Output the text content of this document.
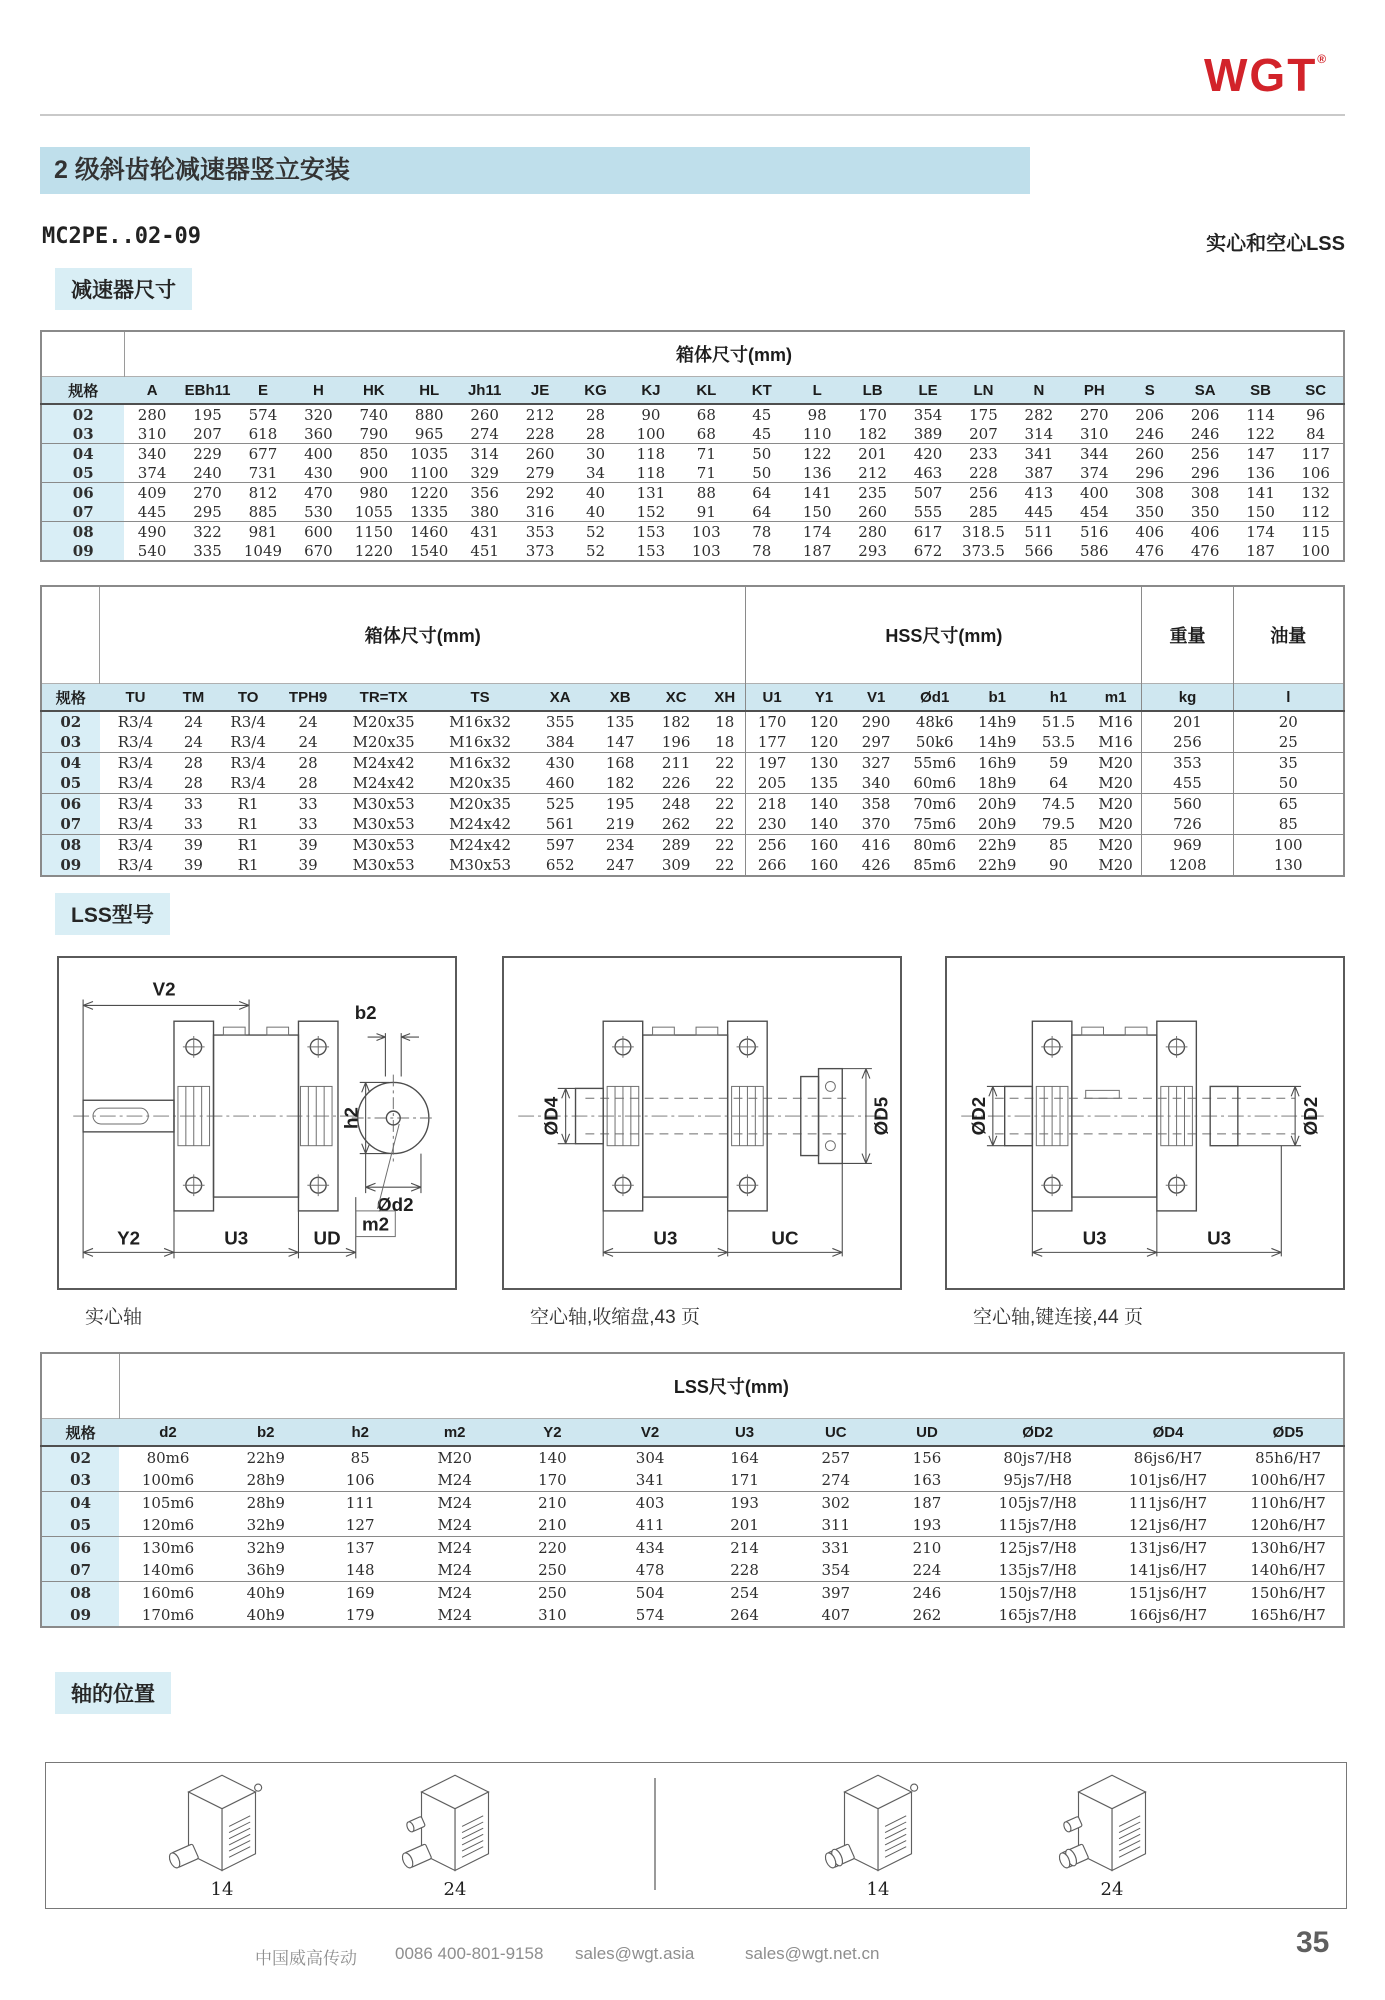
WGT®
2 级斜齿轮减速器竖立安装
MC2PE..02-09	实心和空心LSS
减速器尺寸
	箱体尺寸(mm)																					
规格	A	EBh11	E	H	HK	HL	Jh11	JE	KG	KJ	KL	KT	L	LB	LE	LN	N	PH	S	SA	SB	SC
02	280	195	574	320	740	880	260	212	28	90	68	45	98	170	354	175	282	270	206	206	114	96
03	310	207	618	360	790	965	274	228	28	100	68	45	110	182	389	207	314	310	246	246	122	84
04	340	229	677	400	850	1035	314	260	30	118	71	50	122	201	420	233	341	344	260	256	147	117
05	374	240	731	430	900	1100	329	279	34	118	71	50	136	212	463	228	387	374	296	296	136	106
06	409	270	812	470	980	1220	356	292	40	131	88	64	141	235	507	256	413	400	308	308	141	132
07	445	295	885	530	1055	1335	380	316	40	152	91	64	150	260	555	285	445	454	350	350	150	112
08	490	322	981	600	1150	1460	431	353	52	153	103	78	174	280	617	318.5	511	516	406	406	174	115
09	540	335	1049	670	1220	1540	451	373	52	153	103	78	187	293	672	373.5	566	586	476	476	187	100
	箱体尺寸(mm)										HSS尺寸(mm)							重量	油量
规格	TU	TM	TO	TPH9	TR=TX	TS	XA	XB	XC	XH	U1	Y1	V1	Ød1	b1	h1	m1	kg	l
02	R3/4	24	R3/4	24	M20x35	M16x32	355	135	182	18	170	120	290	48k6	14h9	51.5	M16	201	20
03	R3/4	24	R3/4	24	M20x35	M16x32	384	147	196	18	177	120	297	50k6	14h9	53.5	M16	256	25
04	R3/4	28	R3/4	28	M24x42	M16x32	430	168	211	22	197	130	327	55m6	16h9	59	M20	353	35
05	R3/4	28	R3/4	28	M24x42	M20x35	460	182	226	22	205	135	340	60m6	18h9	64	M20	455	50
06	R3/4	33	R1	33	M30x53	M20x35	525	195	248	22	218	140	358	70m6	20h9	74.5	M20	560	65
07	R3/4	33	R1	33	M30x53	M24x42	561	219	262	22	230	140	370	75m6	20h9	79.5	M20	726	85
08	R3/4	39	R1	39	M30x53	M24x42	597	234	289	22	256	160	416	80m6	22h9	85	M20	969	100
09	R3/4	39	R1	39	M30x53	M30x53	652	247	309	22	266	160	426	85m6	22h9	90	M20	1208	130
LSS型号
V2
Y2	U3	UD
b2
h2
Ød2
m2
ØD4	ØD5
U3	UC
ØD2	ØD2
U3	U3
实心轴	空心轴,收缩盘,43 页	空心轴,键连接,44 页
	LSS尺寸(mm)											
规格	d2	b2	h2	m2	Y2	V2	U3	UC	UD	ØD2	ØD4	ØD5
02	80m6	22h9	85	M20	140	304	164	257	156	80js7/H8	86js6/H7	85h6/H7
03	100m6	28h9	106	M24	170	341	171	274	163	95js7/H8	101js6/H7	100h6/H7
04	105m6	28h9	111	M24	210	403	193	302	187	105js7/H8	111js6/H7	110h6/H7
05	120m6	32h9	127	M24	210	411	201	311	193	115js7/H8	121js6/H7	120h6/H7
06	130m6	32h9	137	M24	220	434	214	331	210	125js7/H8	131js6/H7	130h6/H7
07	140m6	36h9	148	M24	250	478	228	354	224	135js7/H8	141js6/H7	140h6/H7
08	160m6	40h9	169	M24	250	504	254	397	246	150js7/H8	151js6/H7	150h6/H7
09	170m6	40h9	179	M24	310	574	264	407	262	165js7/H8	166js6/H7	165h6/H7
轴的位置
14	24	14	24
中国威高传动 0086 400-801-9158 sales@wgt.asia	sales@wgt.net.cn	35
